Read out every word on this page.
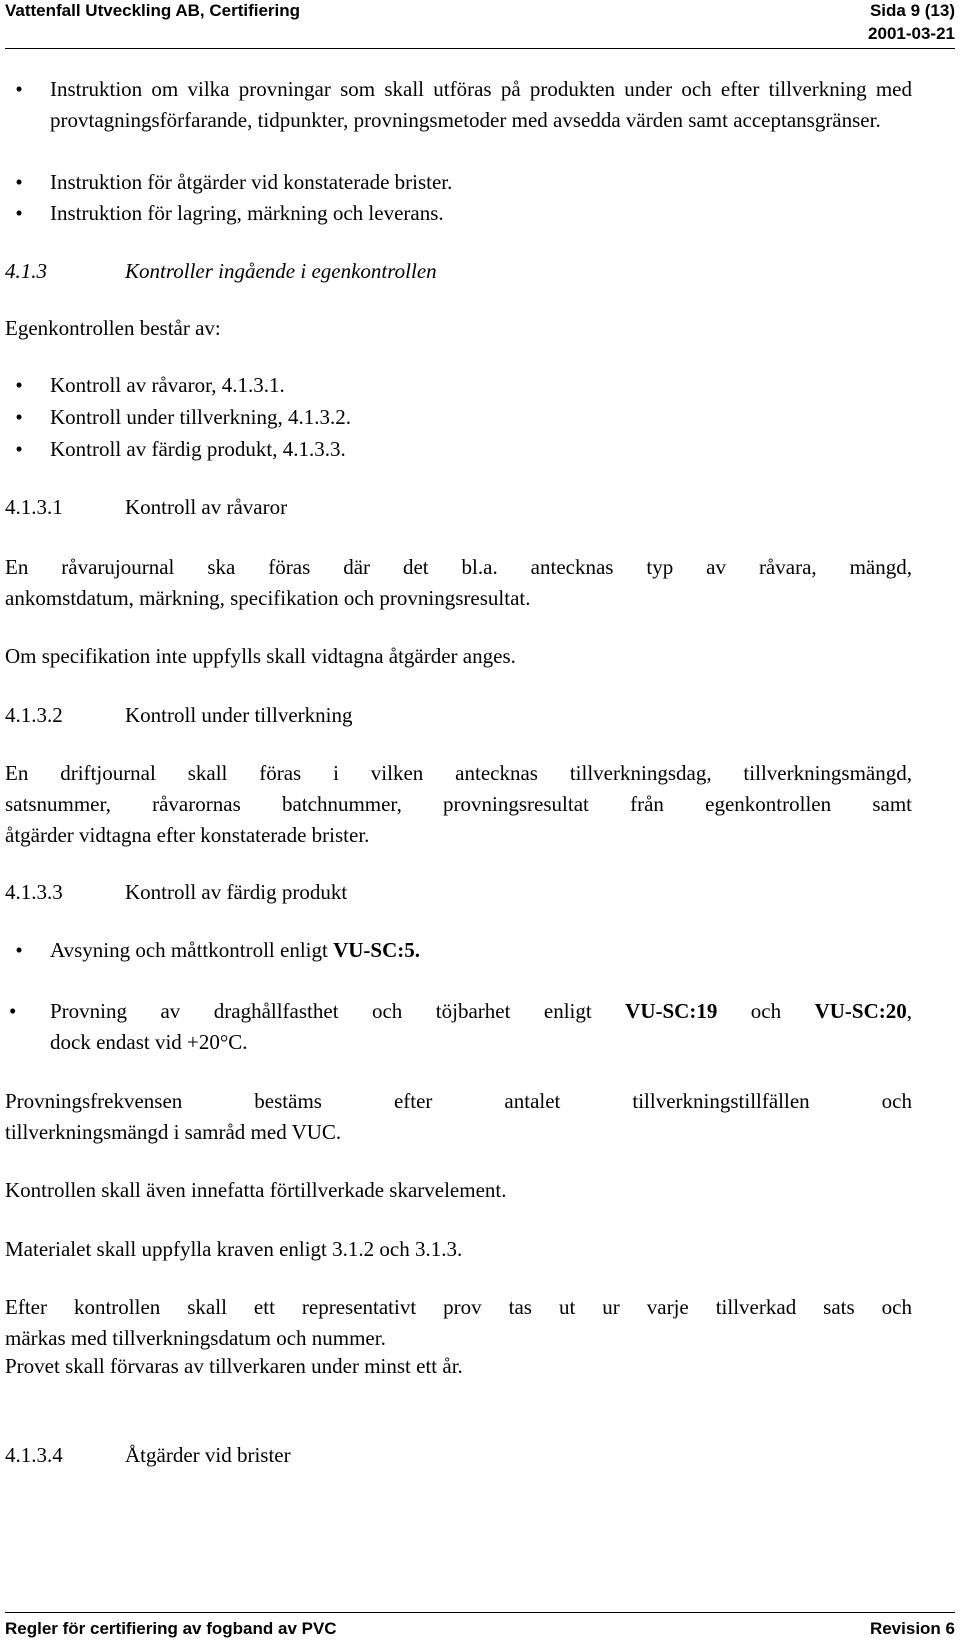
Vattenfall Utveckling AB, Certifiering	Sida 9 (13)
2001-03-21
•	Instruktion om vilka provningar som skall utföras på produkten under och efter tillverkning med provtagningsförfarande, tidpunkter, provningsmetoder med avsedda värden samt acceptansgränser.
•	Instruktion för åtgärder vid konstaterade brister.
•	Instruktion för lagring, märkning och leverans.
4.1.3	Kontroller ingående i egenkontrollen
Egenkontrollen består av:
•	Kontroll av råvaror, 4.1.3.1.
•	Kontroll under tillverkning, 4.1.3.2.
•	Kontroll av färdig produkt, 4.1.3.3.
4.1.3.1	Kontroll av råvaror
En råvarujournal ska föras där det bl.a. antecknas typ av råvara, mängd,
ankomstdatum, märkning, specifikation och provningsresultat.
Om specifikation inte uppfylls skall vidtagna åtgärder anges.
4.1.3.2	Kontroll under tillverkning
En driftjournal skall föras i vilken antecknas tillverkningsdag, tillverkningsmängd,
satsnummer, råvarornas batchnummer, provningsresultat från egenkontrollen samt
åtgärder vidtagna efter konstaterade brister.
4.1.3.3	Kontroll av färdig produkt
•	Avsyning och måttkontroll enligt VU-SC:5.
•	Provning av draghållfasthet och töjbarhet enligt VU-SC:19 och VU-SC:20,
dock endast vid +20°C.
Provningsfrekvensen bestäms efter antalet tillverkningstillfällen och
tillverkningsmängd i samråd med VUC.
Kontrollen skall även innefatta förtillverkade skarvelement.
Materialet skall uppfylla kraven enligt 3.1.2 och 3.1.3.
Efter kontrollen skall ett representativt prov tas ut ur varje tillverkad sats och
märkas med tillverkningsdatum och nummer.
Provet skall förvaras av tillverkaren under minst ett år.
4.1.3.4	Åtgärder vid brister
Regler för certifiering av fogband av PVC	Revision 6
